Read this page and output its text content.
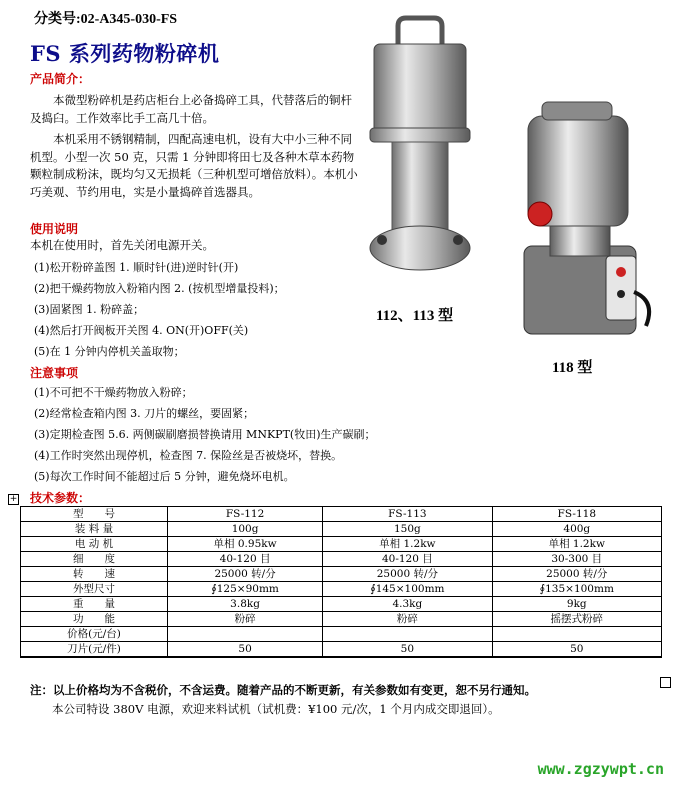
分类号:02-A345-030-FS
FS 系列药物粉碎机
产品简介：
本微型粉碎机是药店柜台上必备捣碎工具，代替落后的铜杆及捣臼。工作效率比手工高几十倍。
本机采用不锈钢精制，四配高速电机，设有大中小三种不同机型。小型一次 50 克，只需 1 分钟即将田七及各种木草本药物颗粒制成粉沫，既均匀又无损耗（三种机型可增倍放料）。本机小巧美观、节约用电，实是小量捣碎首选器具。
使用说明
本机在使用时，首先关闭电源开关。
(1)松开粉碎盖图 1. 顺时针(进)逆时针(开)
(2)把干燥药物放入粉箱内图 2. (按机型增量投料)；
(3)固紧图 1. 粉碎盖；
(4)然后打开阀板开关图 4. ON(开)OFF(关)
(5)在 1 分钟内停机关盖取物；
注意事项
(1)不可把不干燥药物放入粉碎；
(2)经常检查箱内图 3. 刀片的螺丝，要固紧；
(3)定期检查图 5.6. 两侧碳刷磨损替换请用 MNKPT(牧田)生产碳刷；
(4)工作时突然出现停机，检查图 7. 保险丝是否被烧坏，替换。
(5)每次工作时间不能超过后 5 分钟，避免烧坏电机。
112、113 型
118 型
+ 技术参数：
型　　号	FS-112	FS-113	FS-118
装 料 量	100g	150g	400g
电 动 机	单相 0.95kw	单相 1.2kw	单相 1.2kw
细　　度	40-120 目	40-120 目	30-300 目
转　　速	25000 转/分	25000 转/分	25000 转/分
外型尺寸	∮125×90mm	∮145×100mm	∮135×100mm
重　　量	3.8kg	4.3kg	9kg
功　　能	粉碎	粉碎	摇摆式粉碎
价格(元/台)			
刀片(元/件)	50	50	50
注：以上价格均为不含税价，不含运费。随着产品的不断更新，有关参数如有变更，恕不另行通知。
本公司特设 380V 电源，欢迎来料试机（试机费：¥100 元/次，1 个月内成交即退回）。
www.zgzywpt.cn
